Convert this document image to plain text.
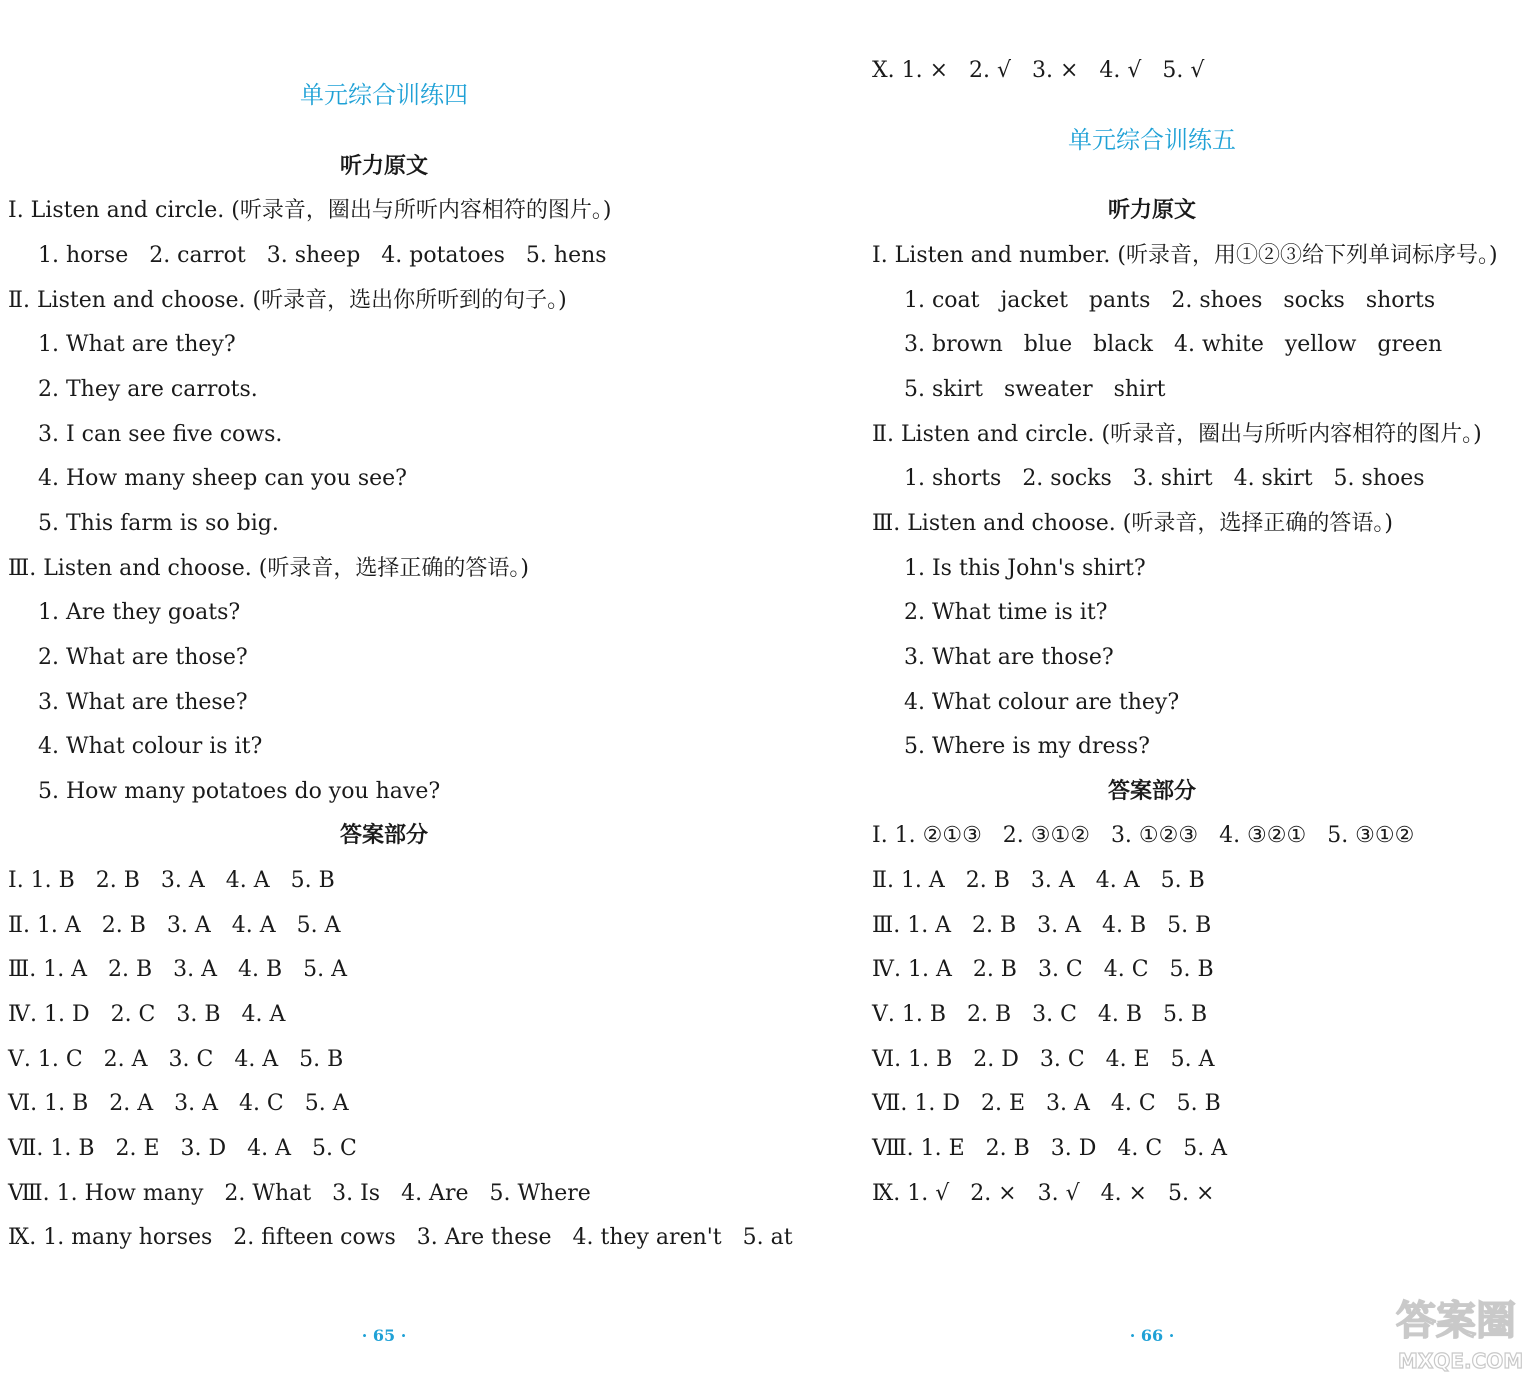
单元综合训练四
听力原文
Ⅰ. Listen and circle. (听录音，圈出与所听内容相符的图片。)
1. horse   2. carrot   3. sheep   4. potatoes   5. hens
Ⅱ. Listen and choose. (听录音，选出你所听到的句子。)
1. What are they?
2. They are carrots.
3. I can see five cows.
4. How many sheep can you see?
5. This farm is so big.
Ⅲ. Listen and choose. (听录音，选择正确的答语。)
1. Are they goats?
2. What are those?
3. What are these?
4. What colour is it?
5. How many potatoes do you have?
答案部分
Ⅰ. 1. B   2. B   3. A   4. A   5. B
Ⅱ. 1. A   2. B   3. A   4. A   5. A
Ⅲ. 1. A   2. B   3. A   4. B   5. A
Ⅳ. 1. D   2. C   3. B   4. A
Ⅴ. 1. C   2. A   3. C   4. A   5. B
Ⅵ. 1. B   2. A   3. A   4. C   5. A
Ⅶ. 1. B   2. E   3. D   4. A   5. C
Ⅷ. 1. How many   2. What   3. Is   4. Are   5. Where
Ⅸ. 1. many horses   2. fifteen cows   3. Are these   4. they aren't   5. at
· 65 ·
Ⅹ. 1. ×   2. √   3. ×   4. √   5. √
单元综合训练五
听力原文
Ⅰ. Listen and number. (听录音，用①②③给下列单词标序号。)
1. coat   jacket   pants   2. shoes   socks   shorts
3. brown   blue   black   4. white   yellow   green
5. skirt   sweater   shirt
Ⅱ. Listen and circle. (听录音，圈出与所听内容相符的图片。)
1. shorts   2. socks   3. shirt   4. skirt   5. shoes
Ⅲ. Listen and choose. (听录音，选择正确的答语。)
1. Is this John's shirt?
2. What time is it?
3. What are those?
4. What colour are they?
5. Where is my dress?
答案部分
Ⅰ. 1. ②①③   2. ③①②   3. ①②③   4. ③②①   5. ③①②
Ⅱ. 1. A   2. B   3. A   4. A   5. B
Ⅲ. 1. A   2. B   3. A   4. B   5. B
Ⅳ. 1. A   2. B   3. C   4. C   5. B
Ⅴ. 1. B   2. B   3. C   4. B   5. B
Ⅵ. 1. B   2. D   3. C   4. E   5. A
Ⅶ. 1. D   2. E   3. A   4. C   5. B
Ⅷ. 1. E   2. B   3. D   4. C   5. A
Ⅸ. 1. √   2. ×   3. √   4. ×   5. ×
· 66 ·	答案圈
MXQE.COM
